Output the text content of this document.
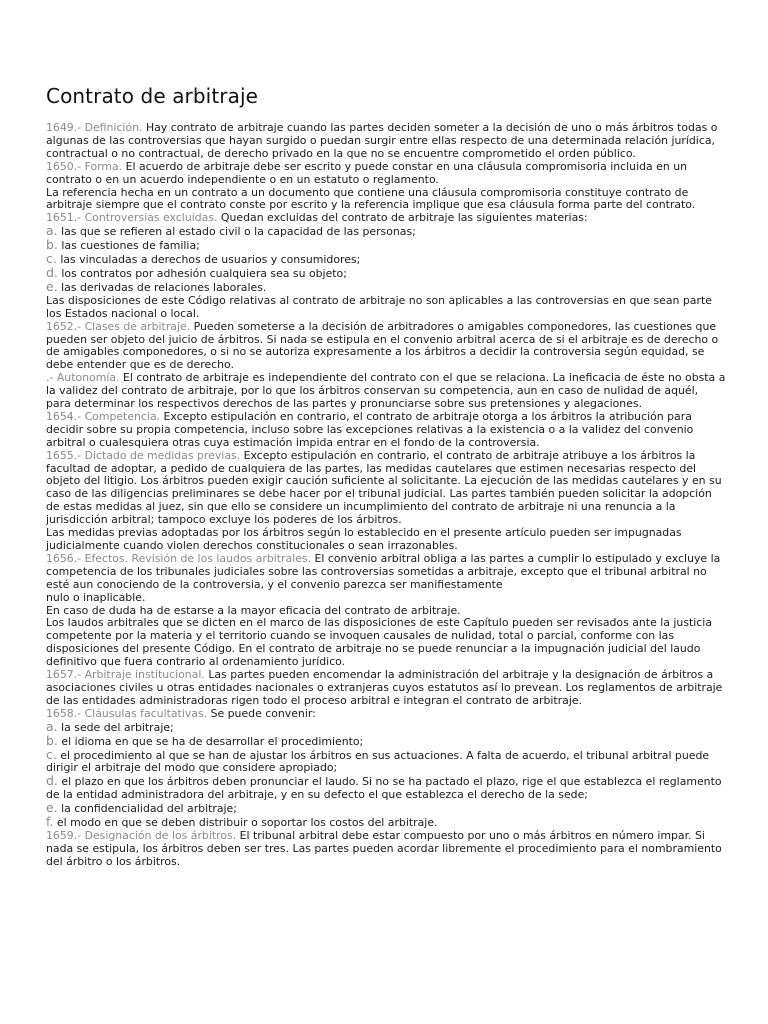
Contrato de arbitraje
1649.- Definición. Hay contrato de arbitraje cuando las partes deciden someter a la decisión de uno o más árbitros todas o algunas de las controversias que hayan surgido o puedan surgir entre ellas respecto de una determinada relación jurídica, contractual o no contractual, de derecho privado en la que no se encuentre comprometido el orden público.
1650.- Forma. El acuerdo de arbitraje debe ser escrito y puede constar en una cláusula compromisoria incluida en un contrato o en un acuerdo independiente o en un estatuto o reglamento.
La referencia hecha en un contrato a un documento que contiene una cláusula compromisoria constituye contrato de arbitraje siempre que el contrato conste por escrito y la referencia implique que esa cláusula forma parte del contrato.
1651.- Controversias excluidas. Quedan excluidas del contrato de arbitraje las siguientes materias:
a. las que se refieren al estado civil o la capacidad de las personas;
b. las cuestiones de familia;
c. las vinculadas a derechos de usuarios y consumidores;
d. los contratos por adhesión cualquiera sea su objeto;
e. las derivadas de relaciones laborales.
Las disposiciones de este Código relativas al contrato de arbitraje no son aplicables a las controversias en que sean parte los Estados nacional o local.
1652.- Clases de arbitraje. Pueden someterse a la decisión de arbitradores o amigables componedores, las cuestiones que pueden ser objeto del juicio de árbitros. Si nada se estipula en el convenio arbitral acerca de si el arbitraje es de derecho o de amigables componedores, o si no se autoriza expresamente a los árbitros a decidir la controversia según equidad, se debe entender que es de derecho.
.- Autonomía. El contrato de arbitraje es independiente del contrato con el que se relaciona. La ineficacia de éste no obsta a la validez del contrato de arbitraje, por lo que los árbitros conservan su competencia, aun en caso de nulidad de aquél, para determinar los respectivos derechos de las partes y pronunciarse sobre sus pretensiones y alegaciones.
1654.- Competencia. Excepto estipulación en contrario, el contrato de arbitraje otorga a los árbitros la atribución para decidir sobre su propia competencia, incluso sobre las excepciones relativas a la existencia o a la validez del convenio arbitral o cualesquiera otras cuya estimación impida entrar en el fondo de la controversia.
1655.- Dictado de medidas previas. Excepto estipulación en contrario, el contrato de arbitraje atribuye a los árbitros la facultad de adoptar, a pedido de cualquiera de las partes, las medidas cautelares que estimen necesarias respecto del objeto del litigio. Los árbitros pueden exigir caución suficiente al solicitante. La ejecución de las medidas cautelares y en su caso de las diligencias preliminares se debe hacer por el tribunal judicial. Las partes también pueden solicitar la adopción de estas medidas al juez, sin que ello se considere un incumplimiento del contrato de arbitraje ni una renuncia a la jurisdicción arbitral; tampoco excluye los poderes de los árbitros.
Las medidas previas adoptadas por los árbitros según lo establecido en el presente artículo pueden ser impugnadas judicialmente cuando violen derechos constitucionales o sean irrazonables.
1656.- Efectos. Revisión de los laudos arbitrales. El convenio arbitral obliga a las partes a cumplir lo estipulado y excluye la competencia de los tribunales judiciales sobre las controversias sometidas a arbitraje, excepto que el tribunal arbitral no esté aun conociendo de la controversia, y el convenio parezca ser manifiestamente
nulo o inaplicable.
En caso de duda ha de estarse a la mayor eficacia del contrato de arbitraje.
Los laudos arbitrales que se dicten en el marco de las disposiciones de este Capítulo pueden ser revisados ante la justicia competente por la materia y el territorio cuando se invoquen causales de nulidad, total o parcial, conforme con las disposiciones del presente Código. En el contrato de arbitraje no se puede renunciar a la impugnación judicial del laudo definitivo que fuera contrario al ordenamiento jurídico.
1657.- Arbitraje institucional. Las partes pueden encomendar la administración del arbitraje y la designación de árbitros a asociaciones civiles u otras entidades nacionales o extranjeras cuyos estatutos así lo prevean. Los reglamentos de arbitraje de las entidades administradoras rigen todo el proceso arbitral e integran el contrato de arbitraje.
1658.- Cláusulas facultativas. Se puede convenir:
a. la sede del arbitraje;
b. el idioma en que se ha de desarrollar el procedimiento;
c. el procedimiento al que se han de ajustar los árbitros en sus actuaciones. A falta de acuerdo, el tribunal arbitral puede dirigir el arbitraje del modo que considere apropiado;
d. el plazo en que los árbitros deben pronunciar el laudo. Si no se ha pactado el plazo, rige el que establezca el reglamento de la entidad administradora del arbitraje, y en su defecto el que establezca el derecho de la sede;
e. la confidencialidad del arbitraje;
f. el modo en que se deben distribuir o soportar los costos del arbitraje.
1659.- Designación de los árbitros. El tribunal arbitral debe estar compuesto por uno o más árbitros en número impar. Si nada se estipula, los árbitros deben ser tres. Las partes pueden acordar libremente el procedimiento para el nombramiento del árbitro o los árbitros.
